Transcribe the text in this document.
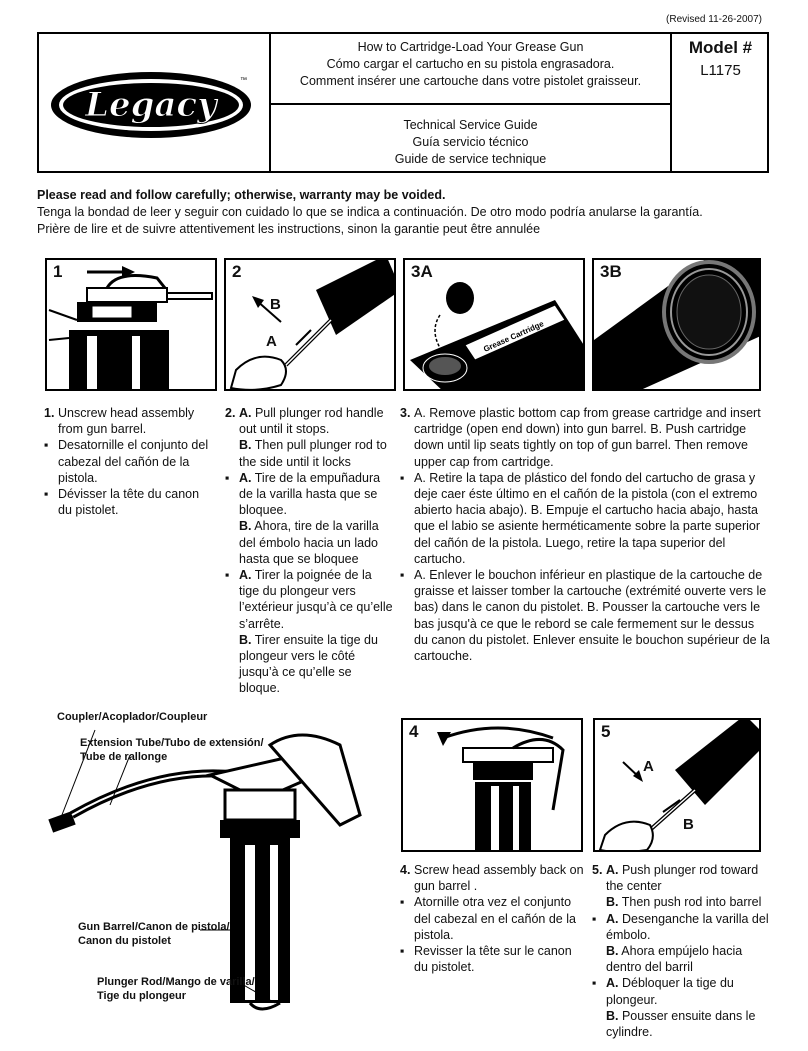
(Revised 11-26-2007)
Legacy
™
How to Cartridge-Load Your Grease Gun
Cómo cargar el cartucho en su pistola engrasadora.
Comment insérer une cartouche dans votre pistolet graisseur.
Technical Service Guide
Guía servicio técnico
Guide de service technique
Model #
L1175
Please read and follow carefully; otherwise, warranty may be voided.
Tenga la bondad de leer y seguir con cuidado lo que se indica a continuación. De otro modo podría anularse la garantía.
Prière de lire et de suivre attentivement les instructions, sinon la garantie peut être annulée
1	2
B
A	Grease Cartridge
3A	3B
1. Unscrew head assembly from gun barrel.
▪ Desatornille el conjunto del cabezal del cañón de la pistola.
▪ Dévisser la tête du canon du pistolet.
2. A. Pull plunger rod handle out until it stops.
B. Then pull plunger rod to the side until it locks
▪ A. Tire de la empuñadura de la varilla hasta que se bloquee.
B. Ahora, tire de la varilla del émbolo hacia un lado hasta que se bloquee
▪ A. Tirer la poignée de la tige du plongeur vers l’extérieur jusqu’à ce qu’elle s’arrête.
B. Tirer ensuite la tige du plongeur vers le côté jusqu’à ce qu’elle se bloque.
3. A. Remove plastic bottom cap from grease cartridge and insert cartridge (open end down) into gun barrel. B. Push cartridge down until lip seats tightly on top of gun barrel. Then remove upper cap from cartridge.
▪ A. Retire la tapa de plástico del fondo del cartucho de grasa y deje caer éste último en el cañón de la pistola (con el extremo abierto hacia abajo). B. Empuje el cartucho hacia abajo, hasta que el labio se asiente herméticamente sobre la parte superior del cañón de la pistola. Luego, retire la tapa superior del cartucho.
▪ A. Enlever le bouchon inférieur en plastique de la cartouche de graisse et laisser tomber la cartouche (extrémité ouverte vers le bas) dans le canon du pistolet. B. Pousser la cartouche vers le bas jusqu'à ce que le rebord se cale fermement sur le dessus du canon du pistolet. Enlever ensuite le bouchon supérieur de la cartouche.
Coupler/Acoplador/Coupleur
Extension Tube/Tubo de extensión/
Tube de rallonge
Gun Barrel/Canon de pistola/
Canon du pistolet
Plunger Rod/Mango de varilla/
Tige du plongeur
4	5
A
B
4. Screw head assembly back on gun barrel .
▪ Atornille otra vez el conjunto del cabezal en el cañón de la pistola.
▪ Revisser la tête sur le canon du pistolet.
5. A. Push plunger rod toward the center
B. Then push rod into barrel
▪ A. Desenganche la varilla del émbolo.
B. Ahora empújelo hacia dentro del barril
▪ A. Débloquer la tige du plongeur.
B. Pousser ensuite dans le cylindre.
